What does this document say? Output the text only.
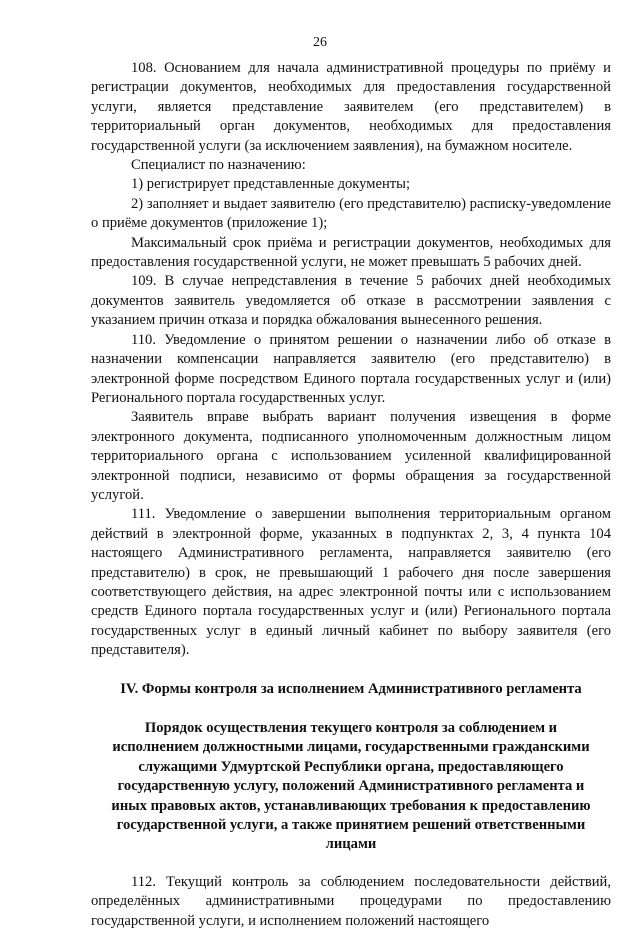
26

108. Основанием для начала административной процедуры по приёму и регистрации документов, необходимых для предоставления государственной услуги, является представление заявителем (его представителем) в территориальный орган документов, необходимых для предоставления государственной услуги (за исключением заявления), на бумажном носителе.

Специалист по назначению:

1) регистрирует представленные документы;

2) заполняет и выдает заявителю (его представителю) расписку-уведомление о приёме документов (приложение 1);

Максимальный срок приёма и регистрации документов, необходимых для предоставления государственной услуги, не может превышать 5 рабочих дней.

109. В случае непредставления в течение 5 рабочих дней необходимых документов заявитель уведомляется об отказе в рассмотрении заявления с указанием причин отказа и порядка обжалования вынесенного решения.

110. Уведомление о принятом решении о назначении либо об отказе в назначении компенсации направляется заявителю (его представителю) в электронной форме посредством Единого портала государственных услуг и (или) Регионального портала государственных услуг.

Заявитель вправе выбрать вариант получения извещения в форме электронного документа, подписанного уполномоченным должностным лицом территориального органа с использованием усиленной квалифицированной электронной подписи, независимо от формы обращения за государственной услугой.

111. Уведомление о завершении выполнения территориальным органом действий в электронной форме, указанных в подпунктах 2, 3, 4 пункта 104 настоящего Административного регламента, направляется заявителю (его представителю) в срок, не превышающий 1 рабочего дня после завершения соответствующего действия, на адрес электронной почты или с использованием средств Единого портала государственных услуг и (или) Регионального портала государственных услуг в единый личный кабинет по выбору заявителя (его представителя).

IV. Формы контроля за исполнением Административного регламента
Порядок осуществления текущего контроля за соблюдением и исполнением должностными лицами, государственными гражданскими служащими Удмуртской Республики органа, предоставляющего государственную услугу, положений Административного регламента и иных правовых актов, устанавливающих требования к предоставлению государственной услуги, а также принятием решений ответственными лицами

112. Текущий контроль за соблюдением последовательности действий, определённых административными процедурами по предоставлению государственной услуги, и исполнением положений настоящего
